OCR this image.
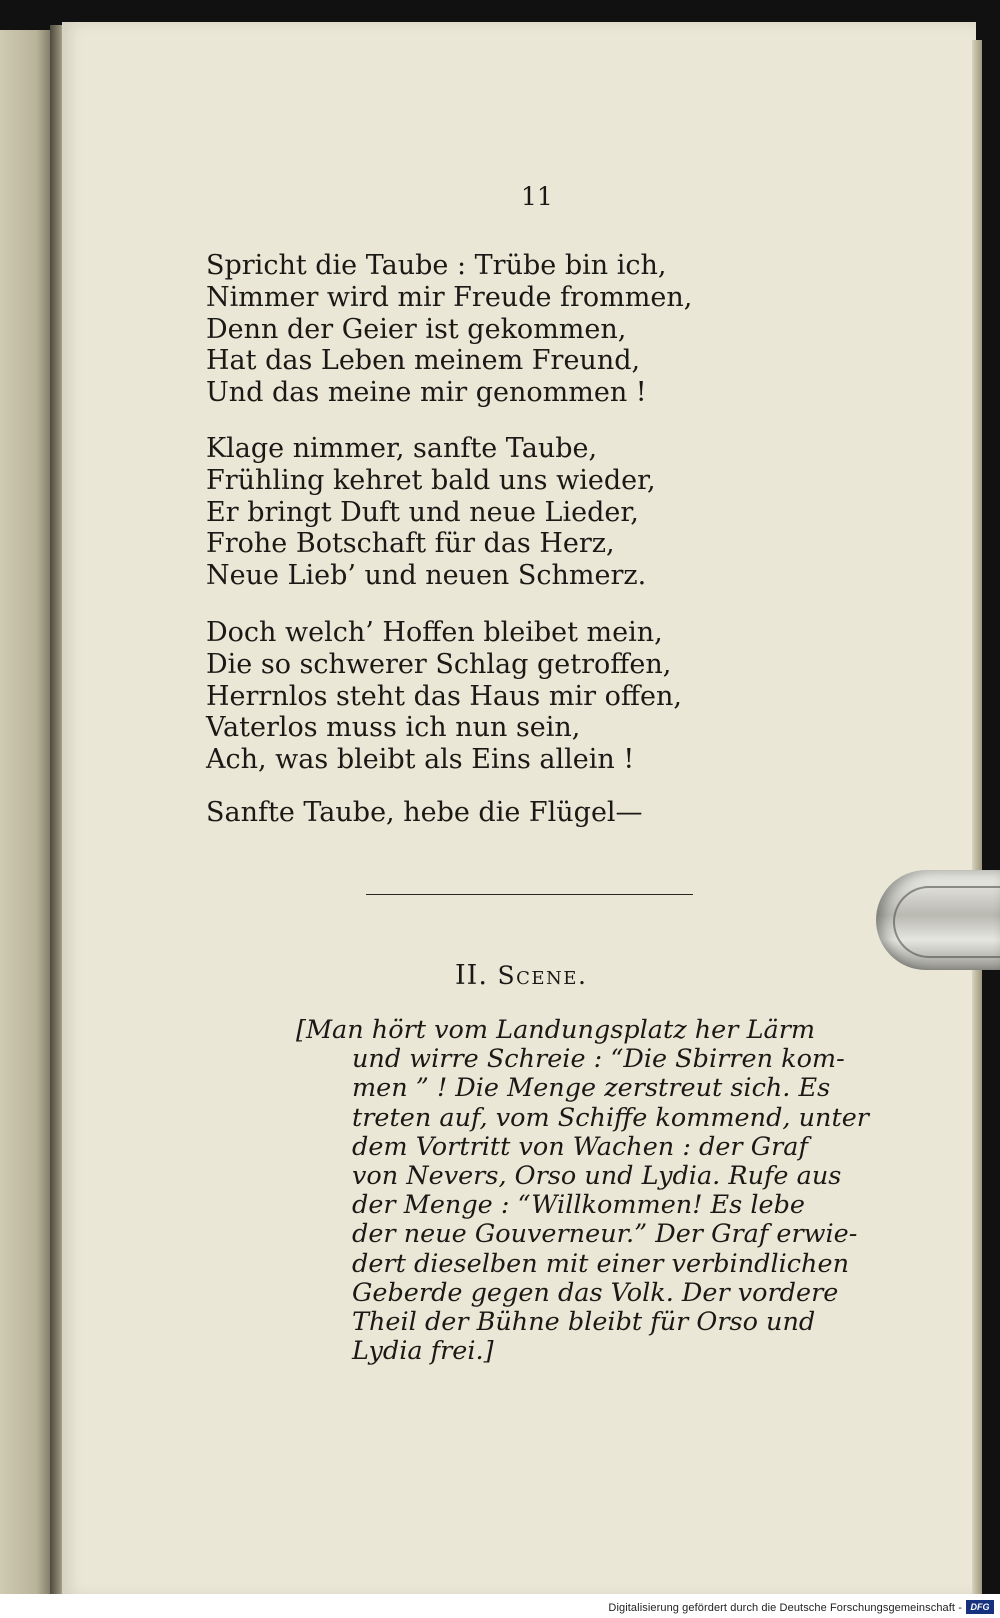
11
Spricht die Taube : Trübe bin ich,
Nimmer wird mir Freude frommen,
Denn der Geier ist gekommen,
Hat das Leben meinem Freund,
Und das meine mir genommen !
Klage nimmer, sanfte Taube,
Frühling kehret bald uns wieder,
Er bringt Duft und neue Lieder,
Frohe Botschaft für das Herz,
Neue Lieb’ und neuen Schmerz.
Doch welch’ Hoffen bleibet mein,
Die so schwerer Schlag getroffen,
Herrnlos steht das Haus mir offen,
Vaterlos muss ich nun sein,
Ach, was bleibt als Eins allein !
Sanfte Taube, hebe die Flügel—
II. Scene.
[Man hört vom Landungsplatz her Lärm
und wirre Schreie : “Die Sbirren kom-
men ” ! Die Menge zerstreut sich. Es
treten auf, vom Schiffe kommend, unter
dem Vortritt von Wachen : der Graf
von Nevers, Orso und Lydia. Rufe aus
der Menge : “Willkommen! Es lebe
der neue Gouverneur.” Der Graf erwie-
dert dieselben mit einer verbindlichen
Geberde gegen das Volk. Der vordere
Theil der Bühne bleibt für Orso und
Lydia frei.]
Digitalisierung gefördert durch die Deutsche Forschungsgemeinschaft - DFG
